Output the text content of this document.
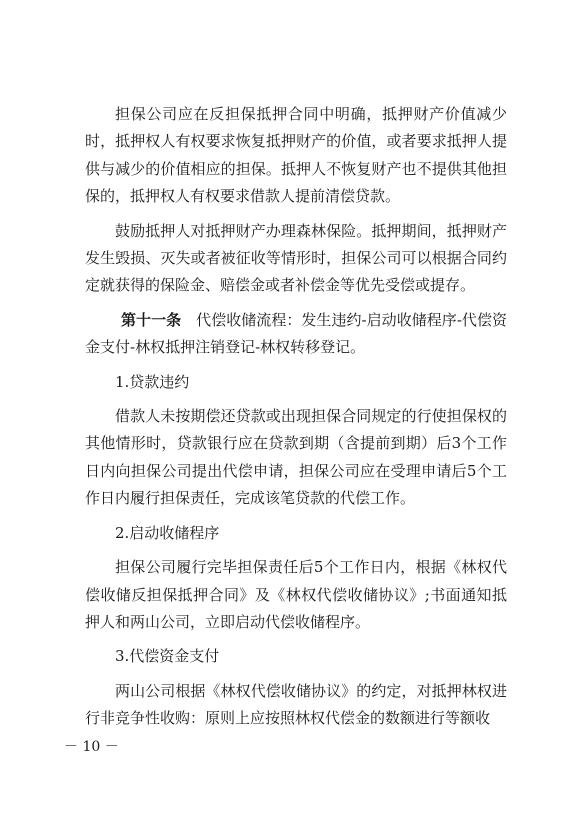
担保公司应在反担保抵押合同中明确，抵押财产价值减少时，抵押权人有权要求恢复抵押财产的价值，或者要求抵押人提供与减少的价值相应的担保。抵押人不恢复财产也不提供其他担保的，抵押权人有权要求借款人提前清偿贷款。

鼓励抵押人对抵押财产办理森林保险。抵押期间，抵押财产发生毁损、灭失或者被征收等情形时，担保公司可以根据合同约定就获得的保险金、赔偿金或者补偿金等优先受偿或提存。

第十一条　代偿收储流程：发生违约-启动收储程序-代偿资金支付-林权抵押注销登记-林权转移登记。

1.贷款违约

借款人未按期偿还贷款或出现担保合同规定的行使担保权的其他情形时，贷款银行应在贷款到期（含提前到期）后3个工作日内向担保公司提出代偿申请，担保公司应在受理申请后5个工作日内履行担保责任，完成该笔贷款的代偿工作。

2.启动收储程序

担保公司履行完毕担保责任后5个工作日内，根据《林权代偿收储反担保抵押合同》及《林权代偿收储协议》;书面通知抵押人和两山公司，立即启动代偿收储程序。

3.代偿资金支付

两山公司根据《林权代偿收储协议》的约定，对抵押林权进行非竞争性收购：原则上应按照林权代偿金的数额进行等额收

－ 10 －
